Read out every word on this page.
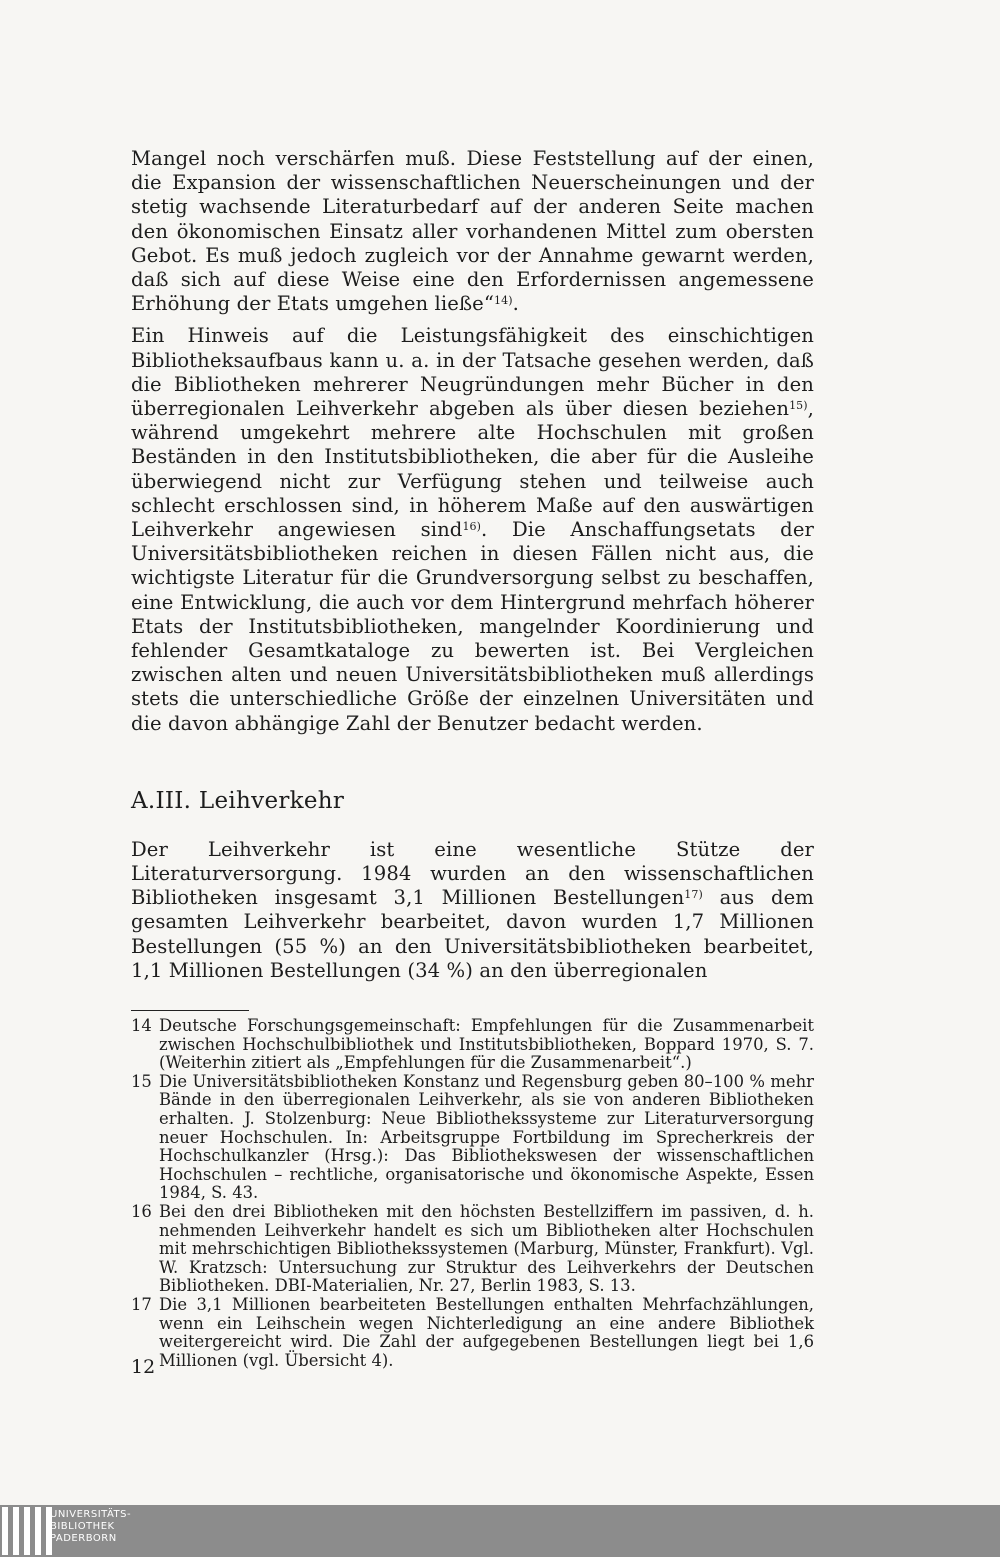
Mangel noch verschärfen muß. Diese Feststellung auf der einen, die Expansion der wissenschaftlichen Neuerscheinungen und der stetig wachsende Literaturbedarf auf der anderen Seite machen den ökonomischen Einsatz aller vorhandenen Mittel zum obersten Gebot. Es muß jedoch zugleich vor der Annahme gewarnt werden, daß sich auf diese Weise eine den Erfordernissen angemessene Erhöhung der Etats umgehen ließe“$^{14)}$.

Ein Hinweis auf die Leistungsfähigkeit des einschichtigen Bibliotheksaufbaus kann u. a. in der Tatsache gesehen werden, daß die Bibliotheken mehrerer Neugründungen mehr Bücher in den überregionalen Leihverkehr abgeben als über diesen beziehen$^{15)}$, während umgekehrt mehrere alte Hochschulen mit großen Beständen in den Institutsbibliotheken, die aber für die Ausleihe überwiegend nicht zur Verfügung stehen und teilweise auch schlecht erschlossen sind, in höherem Maße auf den auswärtigen Leihverkehr angewiesen sind$^{16)}$. Die Anschaffungsetats der Universitätsbibliotheken reichen in diesen Fällen nicht aus, die wichtigste Literatur für die Grundversorgung selbst zu beschaffen, eine Entwicklung, die auch vor dem Hintergrund mehrfach höherer Etats der Institutsbibliotheken, mangelnder Koordinierung und fehlender Gesamtkataloge zu bewerten ist. Bei Vergleichen zwischen alten und neuen Universitätsbibliotheken muß allerdings stets die unterschiedliche Größe der einzelnen Universitäten und die davon abhängige Zahl der Benutzer bedacht werden.

A.III. Leihverkehr

Der Leihverkehr ist eine wesentliche Stütze der Literaturversorgung. 1984 wurden an den wissenschaftlichen Bibliotheken insgesamt 3,1 Millionen Bestellungen$^{17)}$ aus dem gesamten Leihverkehr bearbeitet, davon wurden 1,7 Millionen Bestellungen (55 %) an den Universitätsbibliotheken bearbeitet, 1,1 Millionen Bestellungen (34 %) an den überregionalen

14 Deutsche Forschungsgemeinschaft: Empfehlungen für die Zusammenarbeit zwischen Hochschulbibliothek und Institutsbibliotheken, Boppard 1970, S. 7. (Weiterhin zitiert als „Empfehlungen für die Zusammenarbeit“.)
15 Die Universitätsbibliotheken Konstanz und Regensburg geben 80–100 % mehr Bände in den überregionalen Leihverkehr, als sie von anderen Bibliotheken erhalten. J. Stolzenburg: Neue Bibliothekssysteme zur Literaturversorgung neuer Hochschulen. In: Arbeitsgruppe Fortbildung im Sprecherkreis der Hochschulkanzler (Hrsg.): Das Bibliothekswesen der wissenschaftlichen Hochschulen – rechtliche, organisatorische und ökonomische Aspekte, Essen 1984, S. 43.
16 Bei den drei Bibliotheken mit den höchsten Bestellziffern im passiven, d. h. nehmenden Leihverkehr handelt es sich um Bibliotheken alter Hochschulen mit mehrschichtigen Bibliothekssystemen (Marburg, Münster, Frankfurt). Vgl. W. Kratzsch: Untersuchung zur Struktur des Leihverkehrs der Deutschen Bibliotheken. DBI-Materialien, Nr. 27, Berlin 1983, S. 13.
17 Die 3,1 Millionen bearbeiteten Bestellungen enthalten Mehrfachzählungen, wenn ein Leihschein wegen Nichterledigung an eine andere Bibliothek weitergereicht wird. Die Zahl der aufgegebenen Bestellungen liegt bei 1,6 Millionen (vgl. Übersicht 4).
12
UNIVERSITÄTS-
BIBLIOTHEK
PADERBORN
